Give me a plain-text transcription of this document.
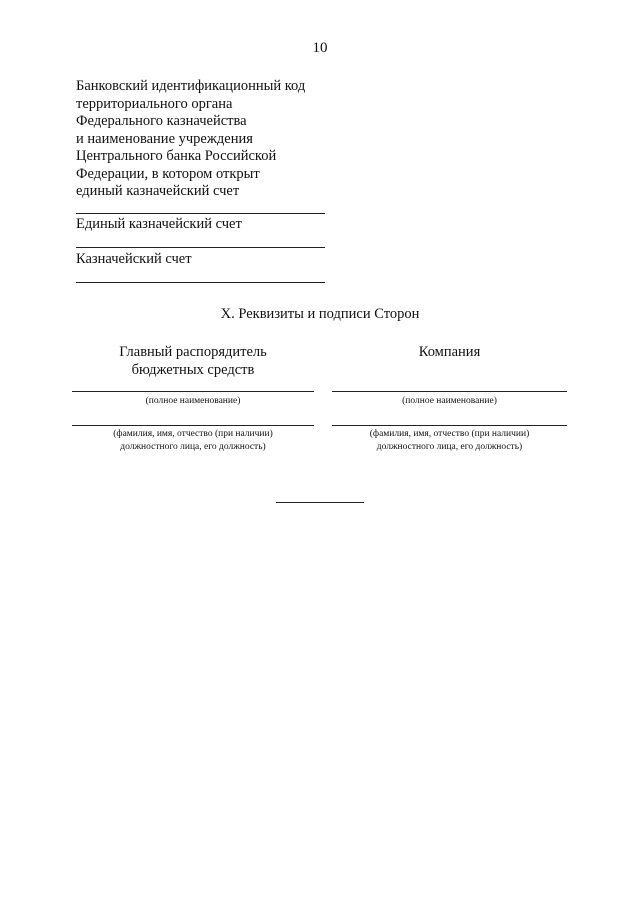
10
Банковский идентификационный код
территориального органа
Федерального казначейства
и наименование учреждения
Центрального банка Российской
Федерации, в котором открыт
единый казначейский счет
Единый казначейский счет
Казначейский счет
X. Реквизиты и подписи Сторон
Главный распорядитель
бюджетных средств
(полное наименование)
(фамилия, имя, отчество (при наличии)
должностного лица, его должность)
Компания
(полное наименование)
(фамилия, имя, отчество (при наличии)
должностного лица, его должность)
